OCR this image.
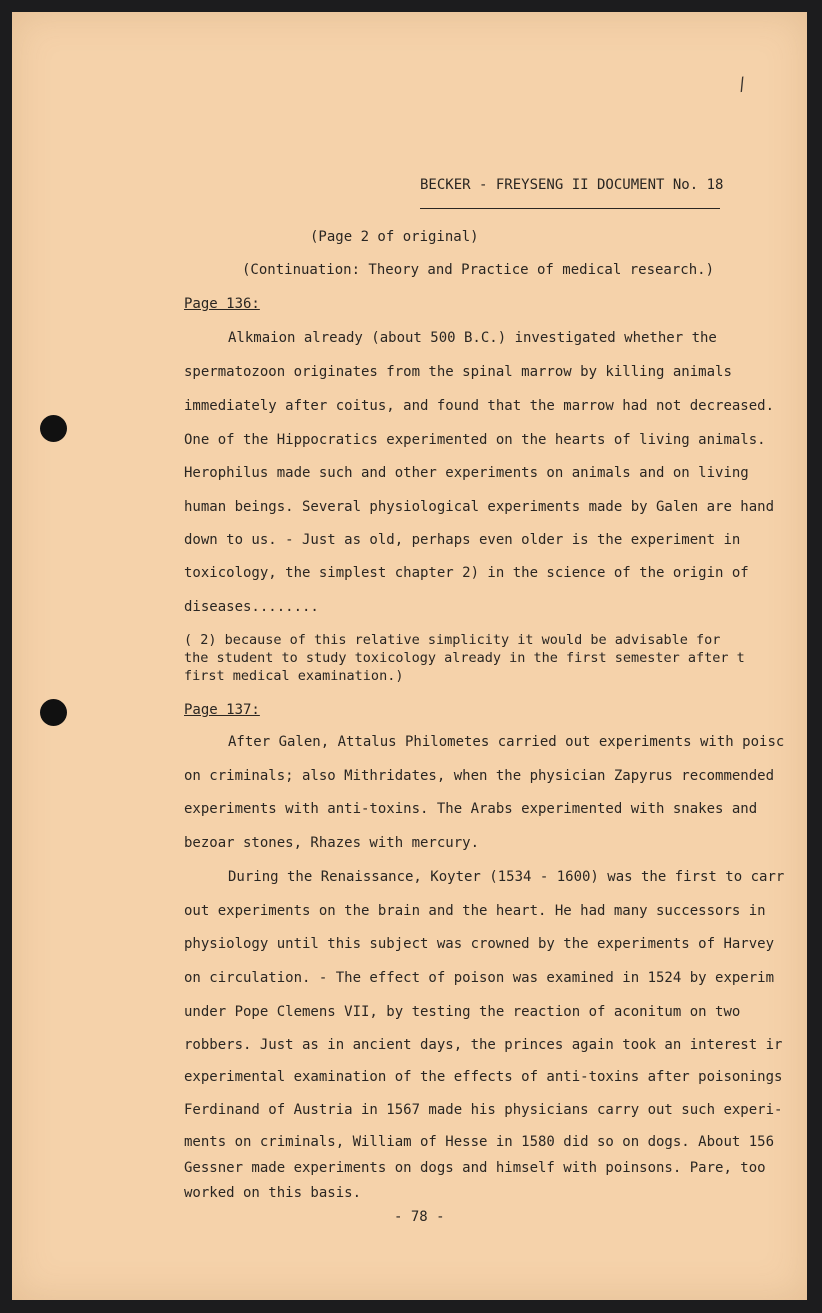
/
BECKER - FREYSENG II DOCUMENT No. 18
(Page 2 of original)
(Continuation: Theory and Practice of medical research.)
Page 136:
Alkmaion already (about 500 B.C.) investigated whether the
spermatozoon originates from the spinal marrow by killing animals
immediately after coitus, and found that the marrow had not decreased.
One of the Hippocratics experimented on the hearts of living animals.
Herophilus made such and other experiments on animals and on living
human beings. Several physiological experiments made by Galen are hand
down to us. - Just as old, perhaps even older is the experiment in
toxicology, the simplest chapter 2) in the science of the origin of
diseases........
( 2) because of this relative simplicity it would be advisable for
the student to study toxicology already in the first semester after t
first medical examination.)
Page 137:
After Galen, Attalus Philometes carried out experiments with poisc
on criminals; also Mithridates, when the physician Zapyrus recommended
experiments with anti-toxins. The Arabs experimented with snakes and
bezoar stones, Rhazes with mercury.
During the Renaissance, Koyter (1534 - 1600) was the first to carr
out experiments on the brain and the heart. He had many successors in
physiology until this subject was crowned by the experiments of Harvey
on circulation. - The effect of poison was examined in 1524 by experim
under Pope Clemens VII, by testing the reaction of aconitum on two
robbers. Just as in ancient days, the princes again took an interest ir
experimental examination of the effects of anti-toxins after poisonings
Ferdinand of Austria in 1567 made his physicians carry out such experi-
ments on criminals, William of Hesse in 1580 did so on dogs. About 156
Gessner made experiments on dogs and himself with poinsons. Pare, too
worked on this basis.
- 78 -
